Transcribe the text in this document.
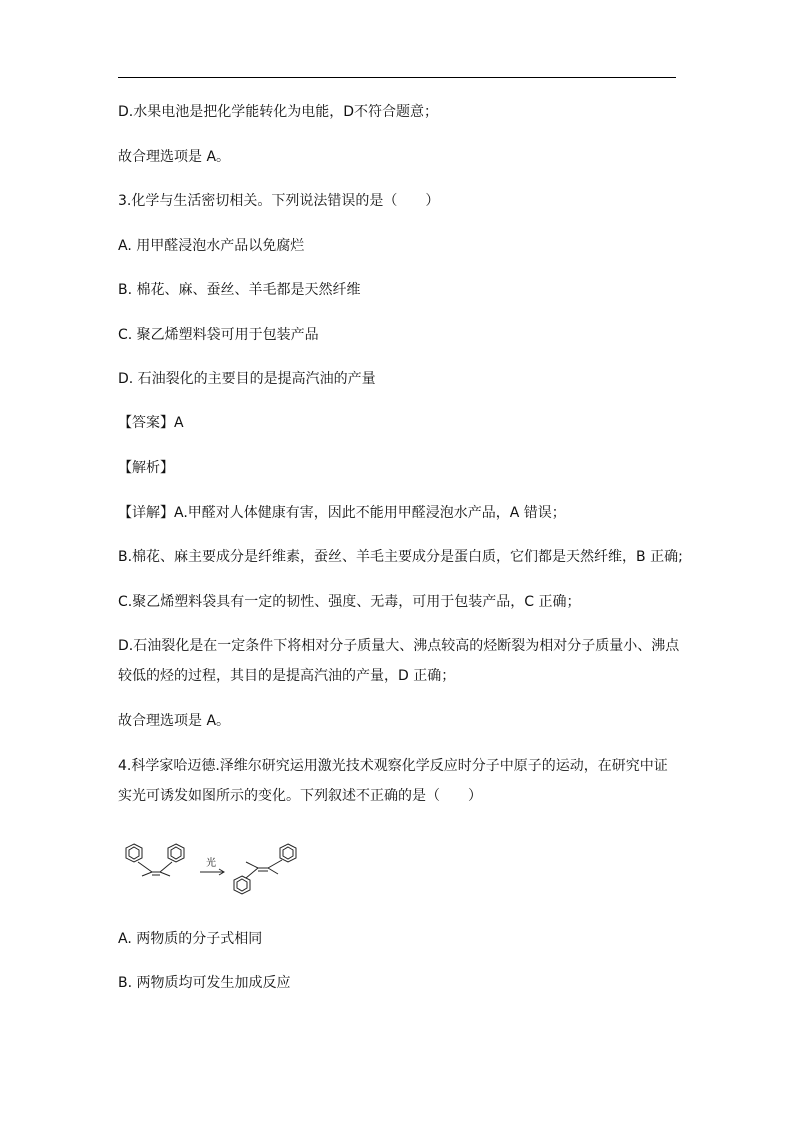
D.水果电池是把化学能转化为电能，D不符合题意；
故合理选项是 A。
3.化学与生活密切相关。下列说法错误的是（　　）
A. 用甲醛浸泡水产品以免腐烂
B. 棉花、麻、蚕丝、羊毛都是天然纤维
C. 聚乙烯塑料袋可用于包装产品
D. 石油裂化的主要目的是提高汽油的产量
【答案】A
【解析】
【详解】A.甲醛对人体健康有害，因此不能用甲醛浸泡水产品，A 错误；
B.棉花、麻主要成分是纤维素，蚕丝、羊毛主要成分是蛋白质，它们都是天然纤维，B 正确;
C.聚乙烯塑料袋具有一定的韧性、强度、无毒，可用于包装产品，C 正确；
D.石油裂化是在一定条件下将相对分子质量大、沸点较高的烃断裂为相对分子质量小、沸点
较低的烃的过程，其目的是提高汽油的产量，D 正确；
故合理选项是 A。
4.科学家哈迈德.泽维尔研究运用激光技术观察化学反应时分子中原子的运动，在研究中证
实光可诱发如图所示的变化。下列叙述不正确的是（　　）
光
A. 两物质的分子式相同
B. 两物质均可发生加成反应
